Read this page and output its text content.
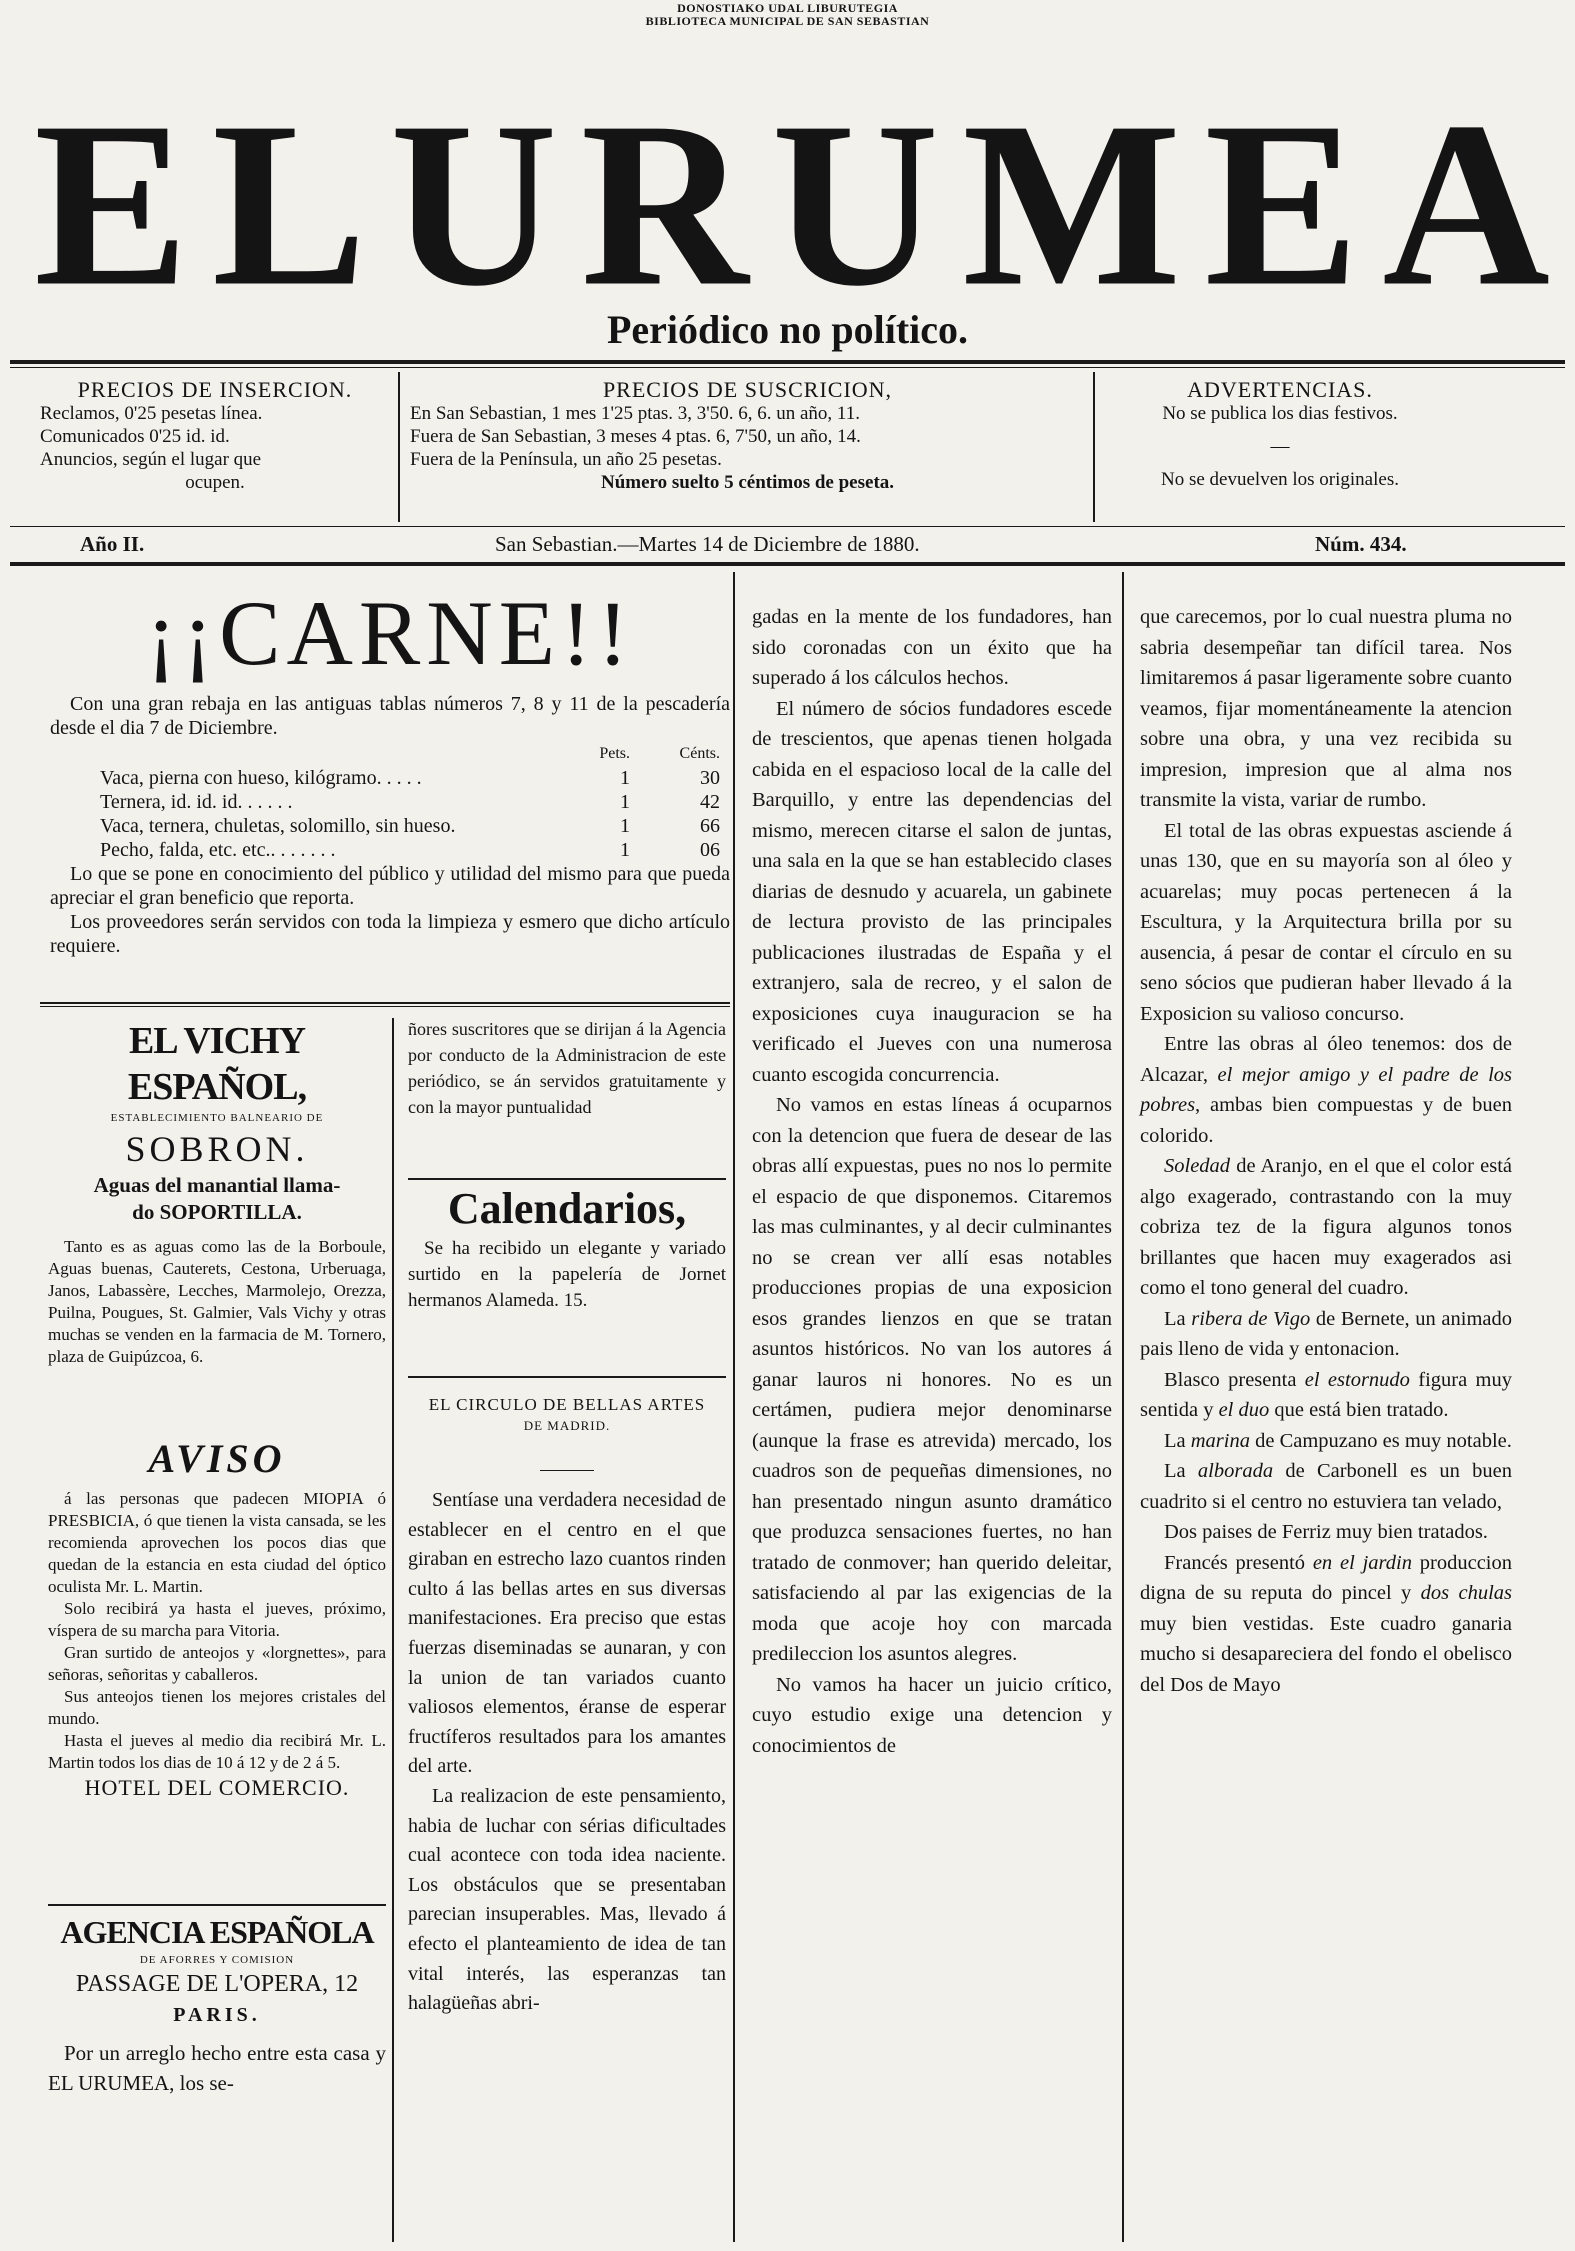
DONOSTIAKO UDAL LIBURUTEGIA
BIBLIOTECA MUNICIPAL DE SAN SEBASTIAN
E L U R U M E A
Periódico no político.
PRECIOS DE INSERCION.
Reclamos, 0'25 pesetas línea.
Comunicados 0'25 id. id.
Anuncios, según el lugar que
ocupen.
PRECIOS DE SUSCRICION,
En San Sebastian, 1 mes 1'25 ptas. 3, 3'50. 6, 6. un año, 11.
Fuera de San Sebastian, 3 meses 4 ptas. 6, 7'50, un año, 14.
Fuera de la Península, un año 25 pesetas.
Número suelto 5 céntimos de peseta.
ADVERTENCIAS.
No se publica los dias festivos.
—
No se devuelven los originales.
Año II.	San Sebastian.—Martes 14 de Diciembre de 1880.	Núm. 434.
¡¡CARNE!!
Con una gran rebaja en las antiguas tablas números 7, 8 y 11 de la pescadería desde el dia 7 de Diciembre.
Pets.	Cénts.
Vaca, pierna con hueso, kilógramo. . . . .	1	30
Ternera, id. id. id. . . . . .	1	42
Vaca, ternera, chuletas, solomillo, sin hueso.	1	66
Pecho, falda, etc. etc.. . . . . . .	1	06
Lo que se pone en conocimiento del público y utilidad del mismo para que pueda apreciar el gran beneficio que reporta.
Los proveedores serán servidos con toda la limpieza y esmero que dicho artículo requiere.
EL VICHY ESPAÑOL,
ESTABLECIMIENTO BALNEARIO DE
SOBRON.
Aguas del manantial llama-
do SOPORTILLA.

Tanto es as aguas como las de la Borboule, Aguas buenas, Cauterets, Cestona, Urberuaga, Janos, Labassère, Lecches, Marmolejo, Orezza, Puilna, Pougues, St. Galmier, Vals Vichy y otras muchas se venden en la farmacia de M. Tornero, plaza de Guipúzcoa, 6.

AVISO

á las personas que padecen MIOPIA ó PRESBICIA, ó que tienen la vista cansada, se les recomienda aprovechen los pocos dias que quedan de la estancia en esta ciudad del óptico oculista Mr. L. Martin.

Solo recibirá ya hasta el jueves, próximo, víspera de su marcha para Vitoria.

Gran surtido de anteojos y «lorgnettes», para señoras, señoritas y caballeros.

Sus anteojos tienen los mejores cristales del mundo.

Hasta el jueves al medio dia recibirá Mr. L. Martin todos los dias de 10 á 12 y de 2 á 5.

HOTEL DEL COMERCIO.
AGENCIA ESPAÑOLA
DE AFORRES Y COMISION
PASSAGE DE L'OPERA, 12
PARIS.
Por un arreglo hecho entre esta casa y EL URUMEA, los se-

ñores suscritores que se dirijan á la Agencia por conducto de la Administracion de este periódico, se án servidos gratuitamente y con la mayor puntualidad

Calendarios,
Se ha recibido un elegante y variado surtido en la papelería de Jornet hermanos Alameda. 15.
EL CIRCULO DE BELLAS ARTES
DE MADRID.

Sentíase una verdadera necesidad de establecer en el centro en el que giraban en estrecho lazo cuantos rinden culto á las bellas artes en sus diversas manifestaciones. Era preciso que estas fuerzas diseminadas se aunaran, y con la union de tan variados cuanto valiosos elementos, éranse de esperar fructíferos resultados para los amantes del arte.

La realizacion de este pensamiento, habia de luchar con sérias dificultades cual acontece con toda idea naciente. Los obstáculos que se presentaban parecian insuperables. Mas, llevado á efecto el planteamiento de idea de tan vital interés, las esperanzas tan halagüeñas abri-

gadas en la mente de los fundadores, han sido coronadas con un éxito que ha superado á los cálculos hechos.

El número de sócios fundadores escede de trescientos, que apenas tienen holgada cabida en el espacioso local de la calle del Barquillo, y entre las dependencias del mismo, merecen citarse el salon de juntas, una sala en la que se han establecido clases diarias de desnudo y acuarela, un gabinete de lectura provisto de las principales publicaciones ilustradas de España y el extranjero, sala de recreo, y el salon de exposiciones cuya inauguracion se ha verificado el Jueves con una numerosa cuanto escogida concurrencia.

No vamos en estas líneas á ocuparnos con la detencion que fuera de desear de las obras allí expuestas, pues no nos lo permite el espacio de que disponemos. Citaremos las mas culminantes, y al decir culminantes no se crean ver allí esas notables producciones propias de una exposicion esos grandes lienzos en que se tratan asuntos históricos. No van los autores á ganar lauros ni honores. No es un certámen, pudiera mejor denominarse (aunque la frase es atrevida) mercado, los cuadros son de pequeñas dimensiones, no han presentado ningun asunto dramático que produzca sensaciones fuertes, no han tratado de conmover; han querido deleitar, satisfaciendo al par las exigencias de la moda que acoje hoy con marcada predileccion los asuntos alegres.

No vamos ha hacer un juicio crítico, cuyo estudio exige una detencion y conocimientos de

que carecemos, por lo cual nuestra pluma no sabria desempeñar tan difícil tarea. Nos limitaremos á pasar ligeramente sobre cuanto veamos, fijar momentáneamente la atencion sobre una obra, y una vez recibida su impresion, impresion que al alma nos transmite la vista, variar de rumbo.

El total de las obras expuestas asciende á unas 130, que en su mayoría son al óleo y acuarelas; muy pocas pertenecen á la Escultura, y la Arquitectura brilla por su ausencia, á pesar de contar el círculo en su seno sócios que pudieran haber llevado á la Exposicion su valioso concurso.

Entre las obras al óleo tenemos: dos de Alcazar, el mejor amigo y el padre de los pobres, ambas bien compuestas y de buen colorido.

Soledad de Aranjo, en el que el color está algo exagerado, contrastando con la muy cobriza tez de la figura algunos tonos brillantes que hacen muy exagerados asi como el tono general del cuadro.

La ribera de Vigo de Bernete, un animado pais lleno de vida y entonacion.

Blasco presenta el estornudo figura muy sentida y el duo que está bien tratado.

La marina de Campuzano es muy notable.

La alborada de Carbonell es un buen cuadrito si el centro no estuviera tan velado,

Dos paises de Ferriz muy bien tratados.

Francés presentó en el jardin produccion digna de su reputa do pincel y dos chulas muy bien vestidas. Este cuadro ganaria mucho si desapareciera del fondo el obelisco del Dos de Mayo
